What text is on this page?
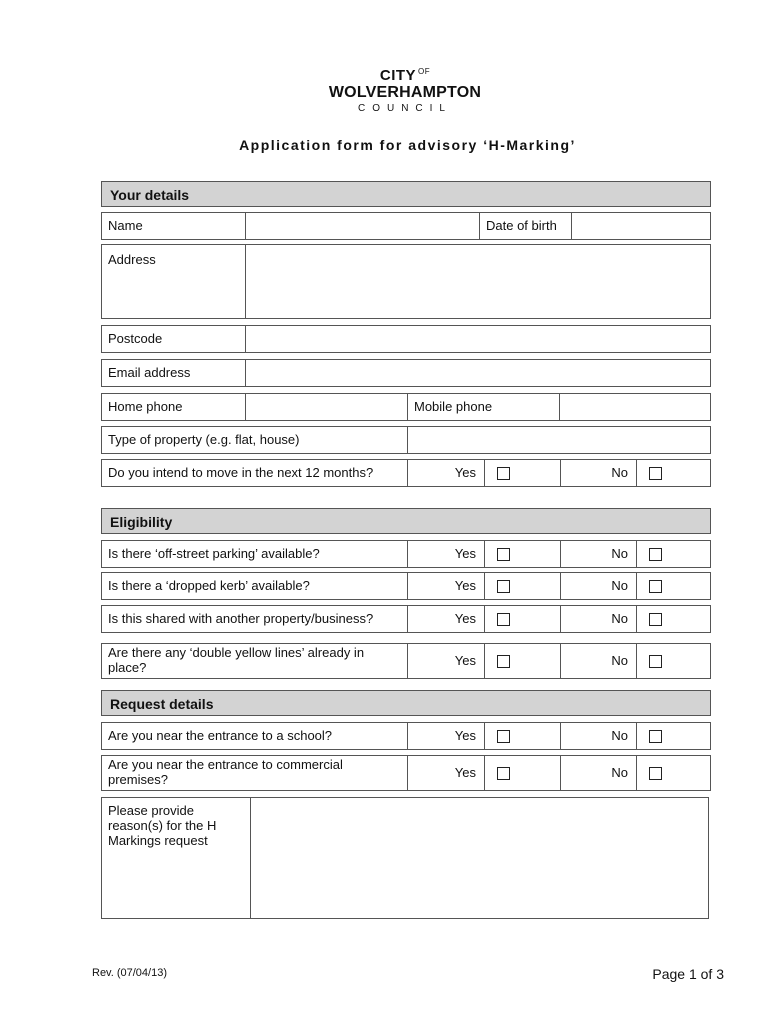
CITY $^{OF}$
WOLVERHAMPTON
COUNCIL
Application form for advisory ‘H-Marking’
Your details
Name	Date of birth
Address
Postcode
Email address
Home phone	Mobile phone
Type of property (e.g. flat, house)
Do you intend to move in the next 12 months?	Yes	No
Eligibility
Is there ‘off-street parking’ available?	Yes	No
Is there a ‘dropped kerb’ available?	Yes	No
Is this shared with another property/business?	Yes	No
Are there any ‘double yellow lines’ already in place?	Yes	No
Request details
Are you near the entrance to a school?	Yes	No
Are you near the entrance to commercial premises?	Yes	No
Please provide reason(s) for the H Markings request
Rev. (07/04/13)	Page 1 of 3
